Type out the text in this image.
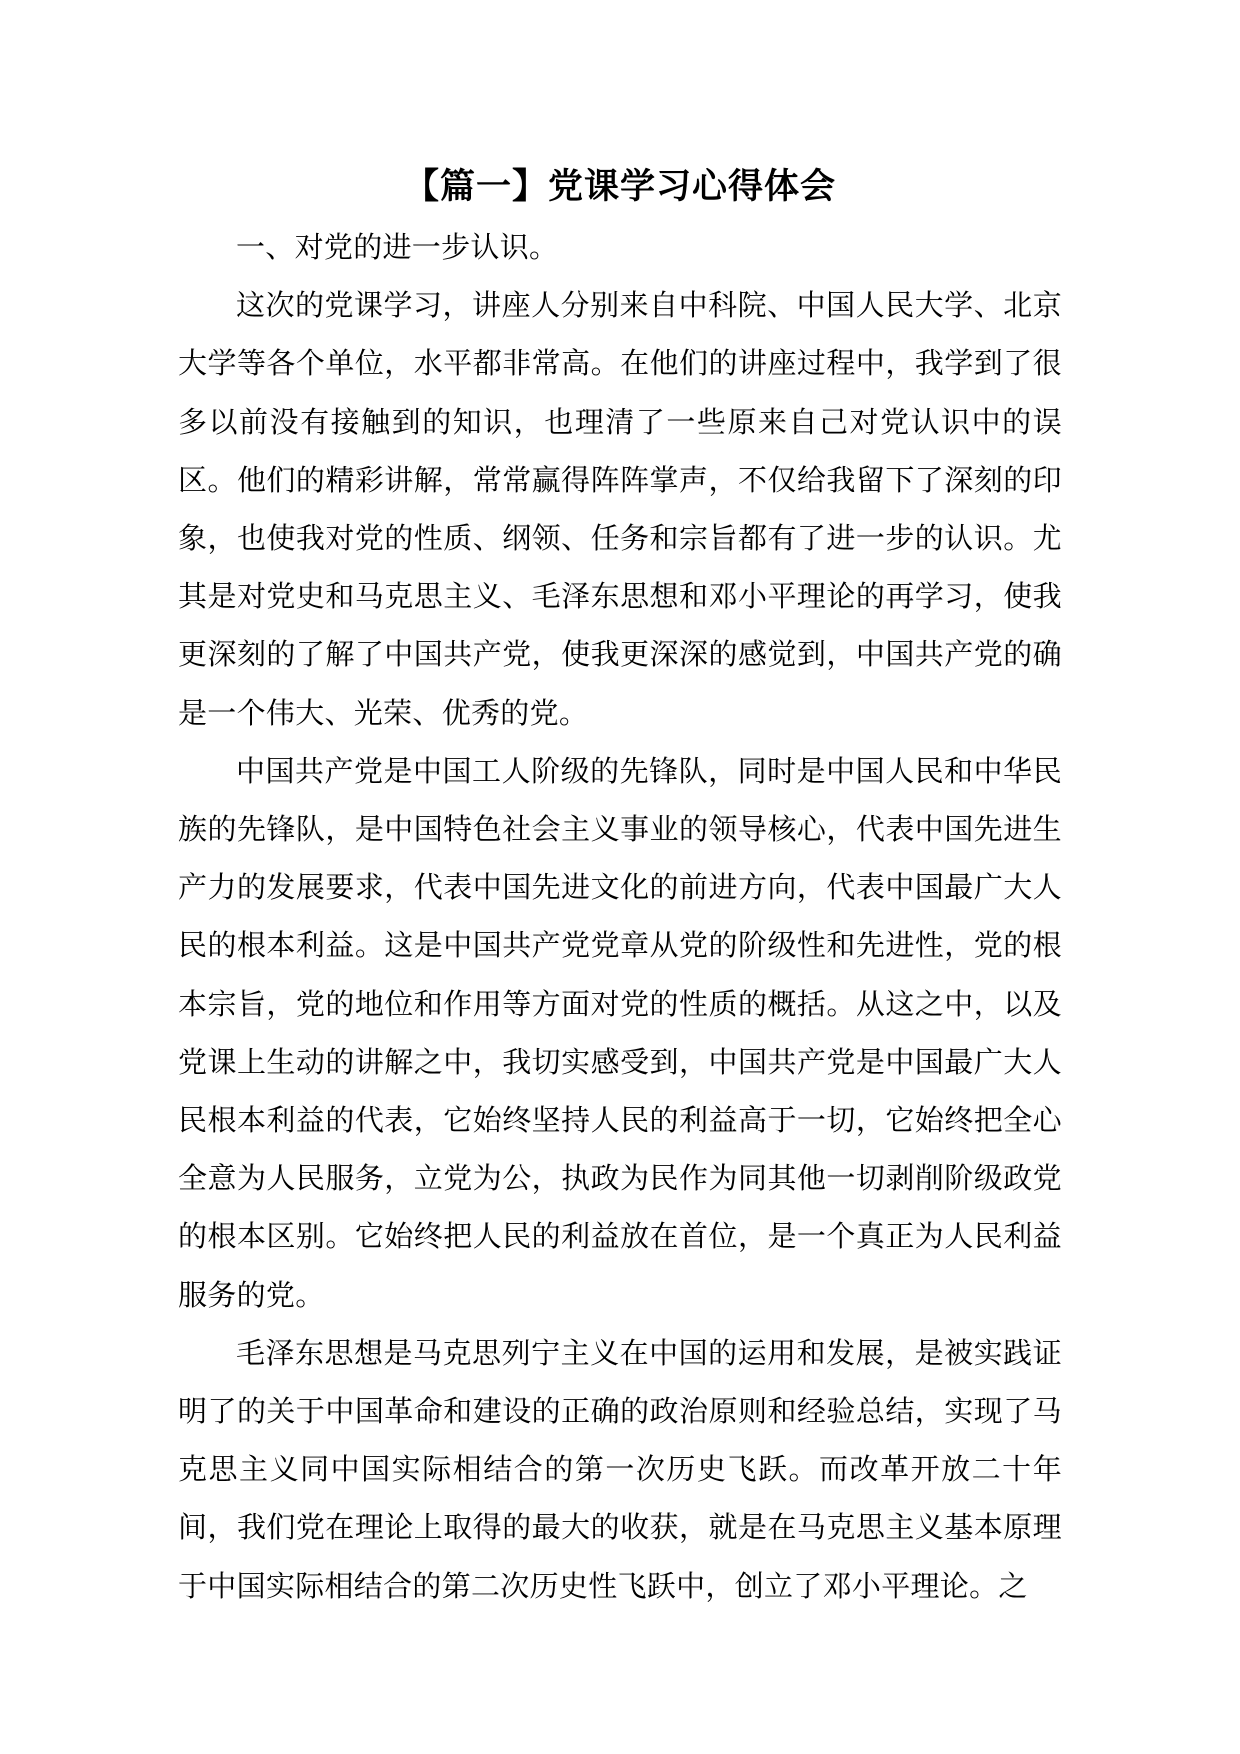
【篇一】党课学习心得体会

一、对党的进一步认识。

这次的党课学习，讲座人分别来自中科院、中国人民大学、北京大学等各个单位，水平都非常高。在他们的讲座过程中，我学到了很多以前没有接触到的知识，也理清了一些原来自己对党认识中的误区。他们的精彩讲解，常常赢得阵阵掌声，不仅给我留下了深刻的印象，也使我对党的性质、纲领、任务和宗旨都有了进一步的认识。尤其是对党史和马克思主义、毛泽东思想和邓小平理论的再学习，使我更深刻的了解了中国共产党，使我更深深的感觉到，中国共产党的确是一个伟大、光荣、优秀的党。

中国共产党是中国工人阶级的先锋队，同时是中国人民和中华民族的先锋队，是中国特色社会主义事业的领导核心，代表中国先进生产力的发展要求，代表中国先进文化的前进方向，代表中国最广大人民的根本利益。这是中国共产党党章从党的阶级性和先进性，党的根本宗旨，党的地位和作用等方面对党的性质的概括。从这之中，以及党课上生动的讲解之中，我切实感受到，中国共产党是中国最广大人民根本利益的代表，它始终坚持人民的利益高于一切，它始终把全心全意为人民服务，立党为公，执政为民作为同其他一切剥削阶级政党的根本区别。它始终把人民的利益放在首位，是一个真正为人民利益服务的党。

毛泽东思想是马克思列宁主义在中国的运用和发展，是被实践证明了的关于中国革命和建设的正确的政治原则和经验总结，实现了马克思主义同中国实际相结合的第一次历史飞跃。而改革开放二十年间，我们党在理论上取得的最大的收获，就是在马克思主义基本原理于中国实际相结合的第二次历史性飞跃中，创立了邓小平理论。之
